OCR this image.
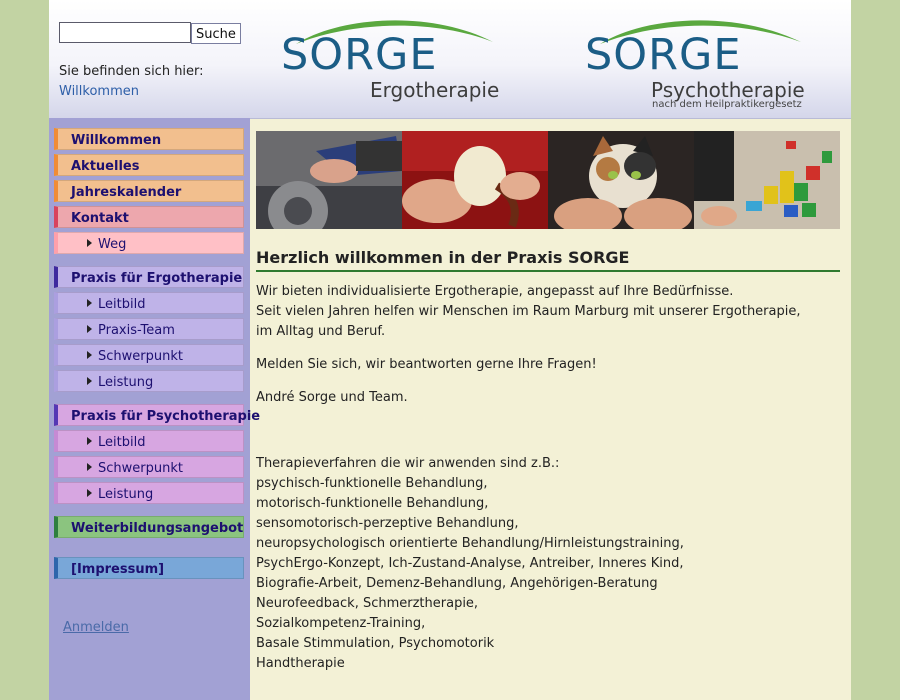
Suche
Sie befinden sich hier:
Willkommen
SORGE
Ergotherapie
SORGE
Psychotherapie
nach dem Heilpraktikergesetz
Willkommen
Aktuelles
Jahreskalender
Kontakt
Weg
Praxis für Ergotherapie
Leitbild
Praxis-Team
Schwerpunkt
Leistung
Praxis für Psychotherapie
Leitbild
Schwerpunkt
Leistung
Weiterbildungsangebot
[Impressum]
Anmelden
Herzlich willkommen in der Praxis SORGE
Wir bieten individualisierte Ergotherapie, angepasst auf Ihre Bedürfnisse.
Seit vielen Jahren helfen wir Menschen im Raum Marburg mit unserer Ergotherapie,
im Alltag und Beruf.
Melden Sie sich, wir beantworten gerne Ihre Fragen!
André Sorge und Team.
Therapieverfahren die wir anwenden sind z.B.:
psychisch-funktionelle Behandlung,
motorisch-funktionelle Behandlung,
sensomotorisch-perzeptive Behandlung,
neuropsychologisch orientierte Behandlung/Hirnleistungstraining,
PsychErgo-Konzept, Ich-Zustand-Analyse, Antreiber, Inneres Kind,
Biografie-Arbeit, Demenz-Behandlung, Angehörigen-Beratung
Neurofeedback, Schmerztherapie,
Sozialkompetenz-Training,
Basale Stimmulation, Psychomotorik
Handtherapie
